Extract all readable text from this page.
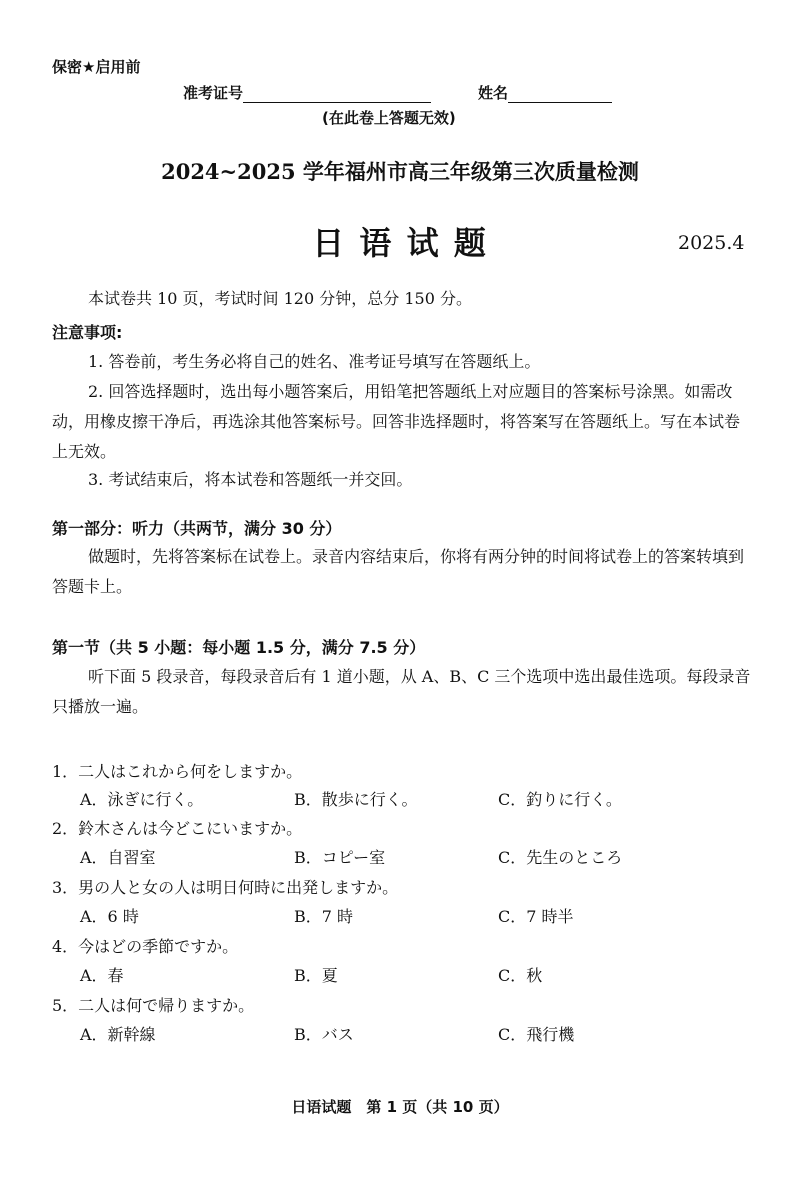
保密★启用前
准考证号	姓名
(在此卷上答题无效)
2024~2025 学年福州市高三年级第三次质量检测
日 语 试 题	2025.4
本试卷共 10 页，考试时间 120 分钟，总分 150 分。
注意事项:
1. 答卷前，考生务必将自己的姓名、准考证号填写在答题纸上。
2. 回答选择题时，选出每小题答案后，用铅笔把答题纸上对应题目的答案标号涂黑。如需改动，用橡皮擦干净后，再选涂其他答案标号。回答非选择题时，将答案写在答题纸上。写在本试卷上无效。
3. 考试结束后，将本试卷和答题纸一并交回。
第一部分：听力（共两节，满分 30 分）
做题时，先将答案标在试卷上。录音内容结束后，你将有两分钟的时间将试卷上的答案转填到答题卡上。
第一节（共 5 小题：每小题 1.5 分，满分 7.5 分）
听下面 5 段录音，每段录音后有 1 道小题，从 A、B、C 三个选项中选出最佳选项。每段录音只播放一遍。
1．二人はこれから何をしますか。
A．泳ぎに行く。	B．散歩に行く。	C．釣りに行く。
2．鈴木さんは今どこにいますか。
A．自習室	B．コピー室	C．先生のところ
3．男の人と女の人は明日何時に出発しますか。
A．6 時	B．7 時	C．7 時半
4．今はどの季節ですか。
A．春	B．夏	C．秋
5．二人は何で帰りますか。
A．新幹線	B．バス	C．飛行機
日语试题　第 1 页（共 10 页）
